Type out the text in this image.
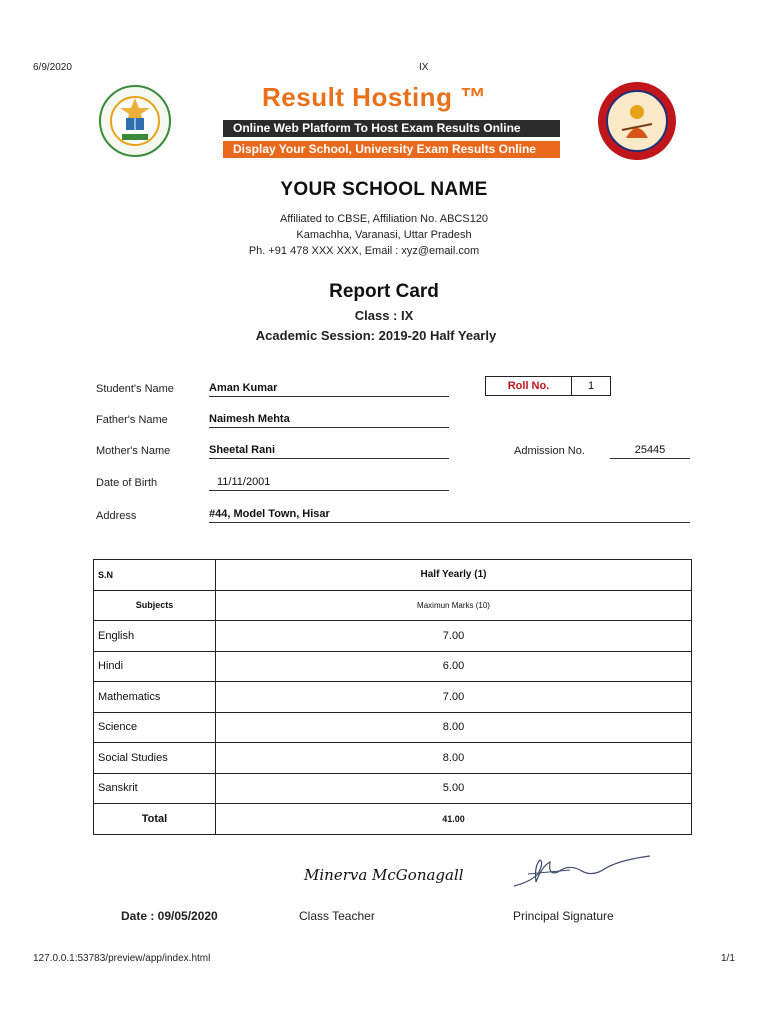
6/9/2020	IX
Result Hosting ™
Online Web Platform To Host Exam Results Online
Display Your School, University Exam Results Online
YOUR SCHOOL NAME
Affiliated to CBSE, Affiliation No. ABCS120
Kamachha, Varanasi, Uttar Pradesh
Ph. +91 478 XXX XXX, Email : xyz@email.com
Report Card
Class : IX
Academic Session: 2019-20 Half Yearly
Student's Name	Aman Kumar	Roll No.	1
Father's Name	Naimesh Mehta
Mother's Name	Sheetal Rani	Admission No.	25445
Date of Birth	11/11/2001
Address	#44, Model Town, Hisar
S.N	Half Yearly (1)
Subjects	Maximun Marks (10)
English	7.00
Hindi	6.00
Mathematics	7.00
Science	8.00
Social Studies	8.00
Sanskrit	5.00
Total	41.00
Minerva McGonagall
Date : 09/05/2020	Class Teacher	Principal Signature
127.0.0.1:53783/preview/app/index.html	1/1
